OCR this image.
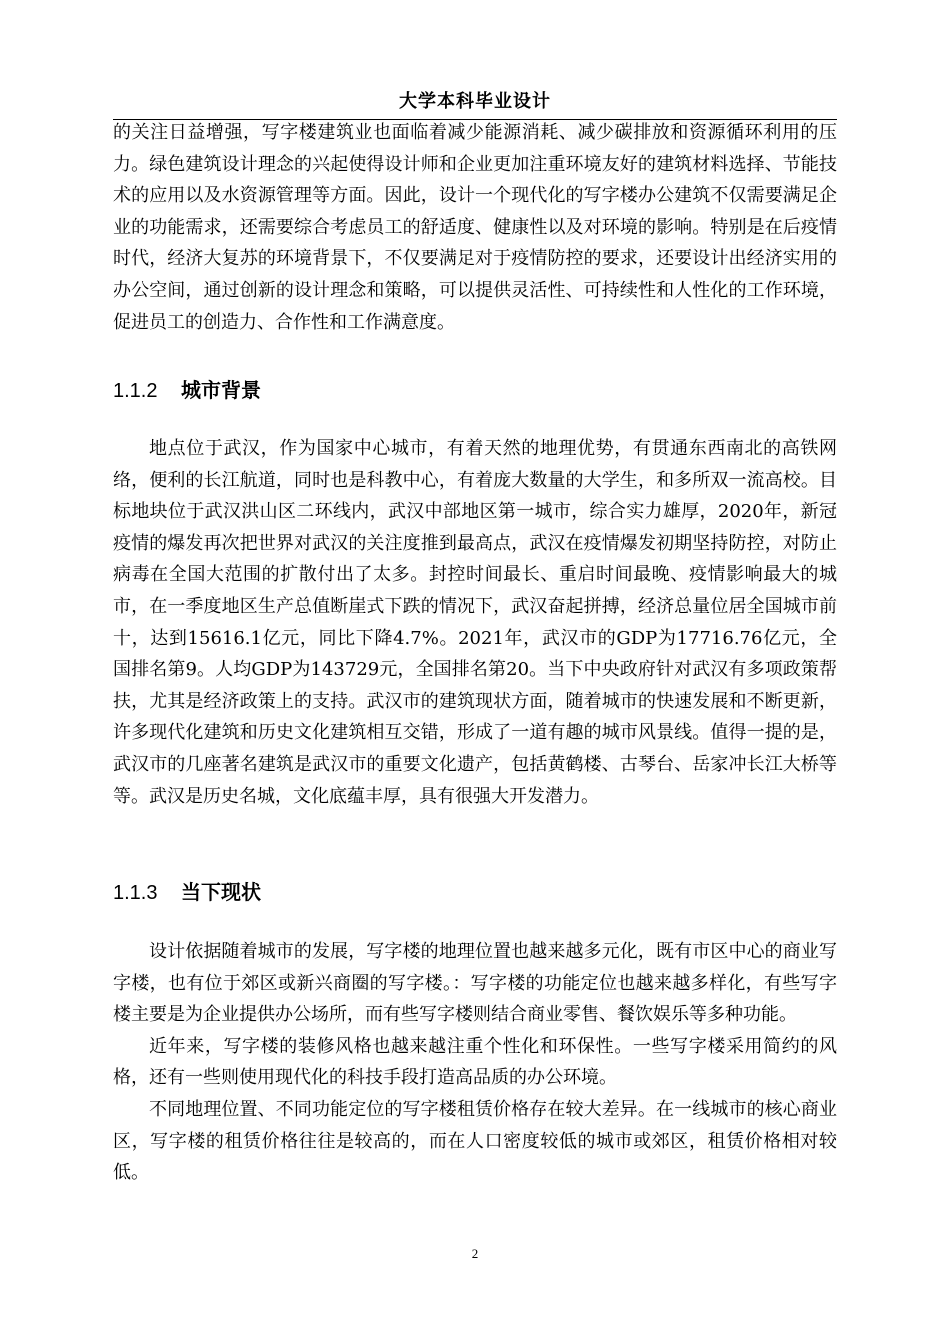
大学本科毕业设计

的关注日益增强，写字楼建筑业也面临着减少能源消耗、减少碳排放和资源循环利用的压力。绿色建筑设计理念的兴起使得设计师和企业更加注重环境友好的建筑材料选择、节能技术的应用以及水资源管理等方面。因此，设计一个现代化的写字楼办公建筑不仅需要满足企业的功能需求，还需要综合考虑员工的舒适度、健康性以及对环境的影响。特别是在后疫情时代，经济大复苏的环境背景下，不仅要满足对于疫情防控的要求，还要设计出经济实用的办公空间，通过创新的设计理念和策略，可以提供灵活性、可持续性和人性化的工作环境，促进员工的创造力、合作性和工作满意度。

1.1.2 城市背景

地点位于武汉，作为国家中心城市，有着天然的地理优势，有贯通东西南北的高铁网络，便利的长江航道，同时也是科教中心，有着庞大数量的大学生，和多所双一流高校。目标地块位于武汉洪山区二环线内，武汉中部地区第一城市，综合实力雄厚，2020年，新冠疫情的爆发再次把世界对武汉的关注度推到最高点，武汉在疫情爆发初期坚持防控，对防止病毒在全国大范围的扩散付出了太多。封控时间最长、重启时间最晚、疫情影响最大的城市，在一季度地区生产总值断崖式下跌的情况下，武汉奋起拼搏，经济总量位居全国城市前十，达到15616.1亿元，同比下降4.7%。2021年，武汉市的GDP为17716.76亿元，全国排名第9。人均GDP为143729元，全国排名第20。当下中央政府针对武汉有多项政策帮扶，尤其是经济政策上的支持。武汉市的建筑现状方面，随着城市的快速发展和不断更新，许多现代化建筑和历史文化建筑相互交错，形成了一道有趣的城市风景线。值得一提的是，武汉市的几座著名建筑是武汉市的重要文化遗产，包括黄鹤楼、古琴台、岳家冲长江大桥等等。武汉是历史名城，文化底蕴丰厚，具有很强大开发潜力。

1.1.3 当下现状

设计依据随着城市的发展，写字楼的地理位置也越来越多元化，既有市区中心的商业写字楼，也有位于郊区或新兴商圈的写字楼。：写字楼的功能定位也越来越多样化，有些写字楼主要是为企业提供办公场所，而有些写字楼则结合商业零售、餐饮娱乐等多种功能。

近年来，写字楼的装修风格也越来越注重个性化和环保性。一些写字楼采用简约的风格，还有一些则使用现代化的科技手段打造高品质的办公环境。

不同地理位置、不同功能定位的写字楼租赁价格存在较大差异。在一线城市的核心商业区，写字楼的租赁价格往往是较高的，而在人口密度较低的城市或郊区，租赁价格相对较低。

2
